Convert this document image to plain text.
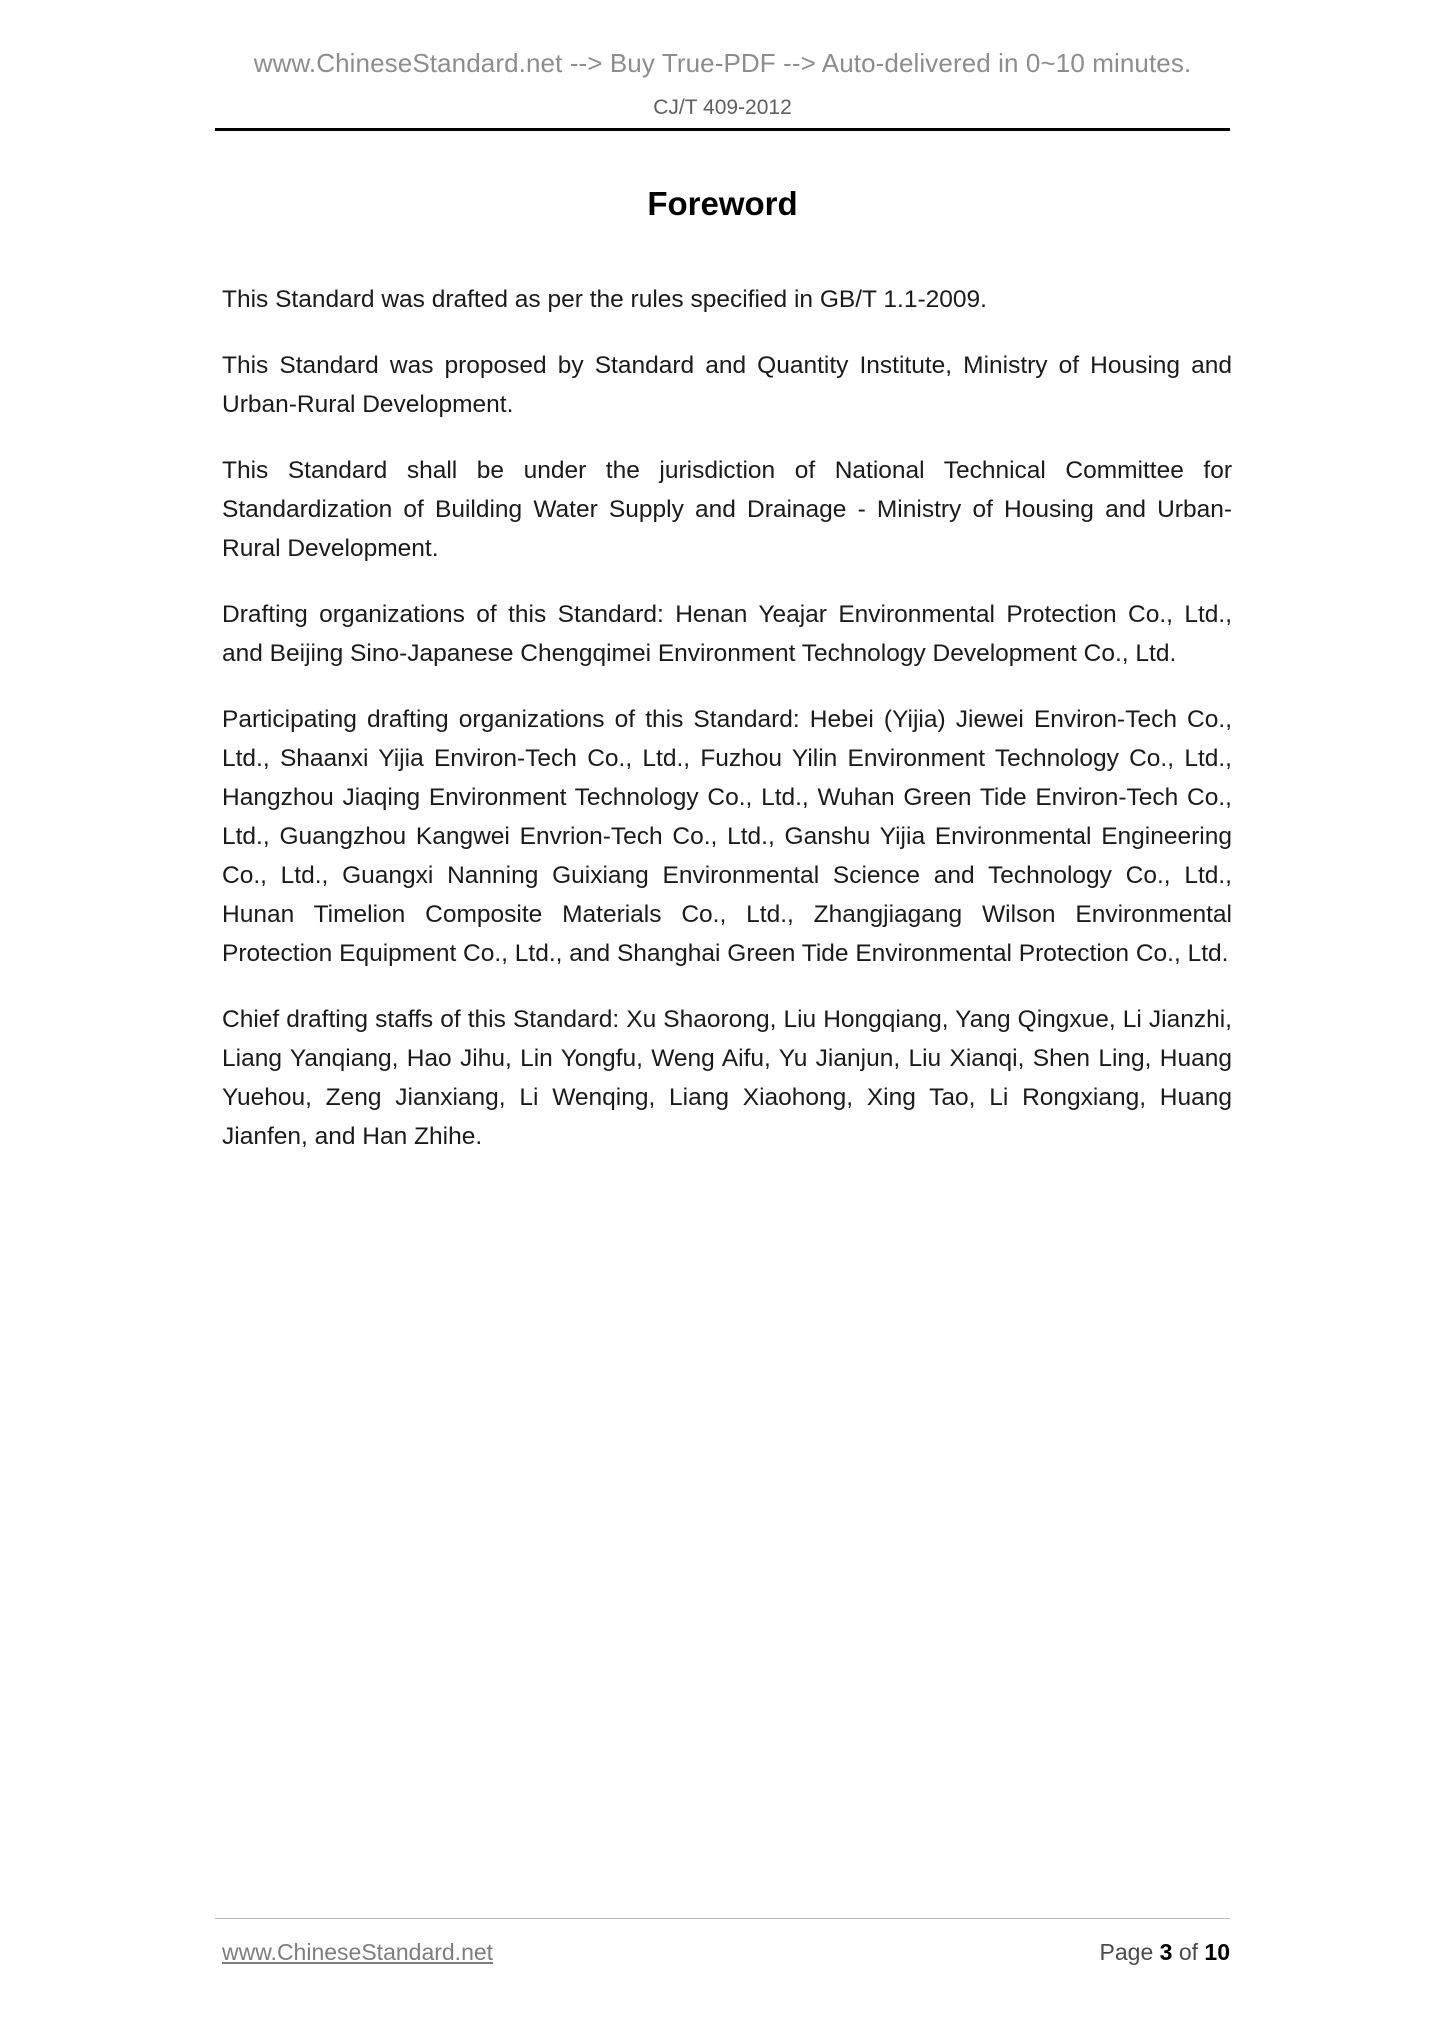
www.ChineseStandard.net --> Buy True-PDF --> Auto-delivered in 0~10 minutes.
CJ/T 409-2012
Foreword

This Standard was drafted as per the rules specified in GB/T 1.1-2009.

This Standard was proposed by Standard and Quantity Institute, Ministry of Housing and Urban-Rural Development.

This Standard shall be under the jurisdiction of National Technical Committee for Standardization of Building Water Supply and Drainage - Ministry of Housing and Urban-Rural Development.

Drafting organizations of this Standard: Henan Yeajar Environmental Protection Co., Ltd., and Beijing Sino-Japanese Chengqimei Environment Technology Development Co., Ltd.

Participating drafting organizations of this Standard: Hebei (Yijia) Jiewei Environ-Tech Co., Ltd., Shaanxi Yijia Environ-Tech Co., Ltd., Fuzhou Yilin Environment Technology Co., Ltd., Hangzhou Jiaqing Environment Technology Co., Ltd., Wuhan Green Tide Environ-Tech Co., Ltd., Guangzhou Kangwei Envrion-Tech Co., Ltd., Ganshu Yijia Environmental Engineering Co., Ltd., Guangxi Nanning Guixiang Environmental Science and Technology Co., Ltd., Hunan Timelion Composite Materials Co., Ltd., Zhangjiagang Wilson Environmental Protection Equipment Co., Ltd., and Shanghai Green Tide Environmental Protection Co., Ltd.

Chief drafting staffs of this Standard: Xu Shaorong, Liu Hongqiang, Yang Qingxue, Li Jianzhi, Liang Yanqiang, Hao Jihu, Lin Yongfu, Weng Aifu, Yu Jianjun, Liu Xianqi, Shen Ling, Huang Yuehou, Zeng Jianxiang, Li Wenqing, Liang Xiaohong, Xing Tao, Li Rongxiang, Huang Jianfen, and Han Zhihe.

www.ChineseStandard.net	Page 3 of 10
